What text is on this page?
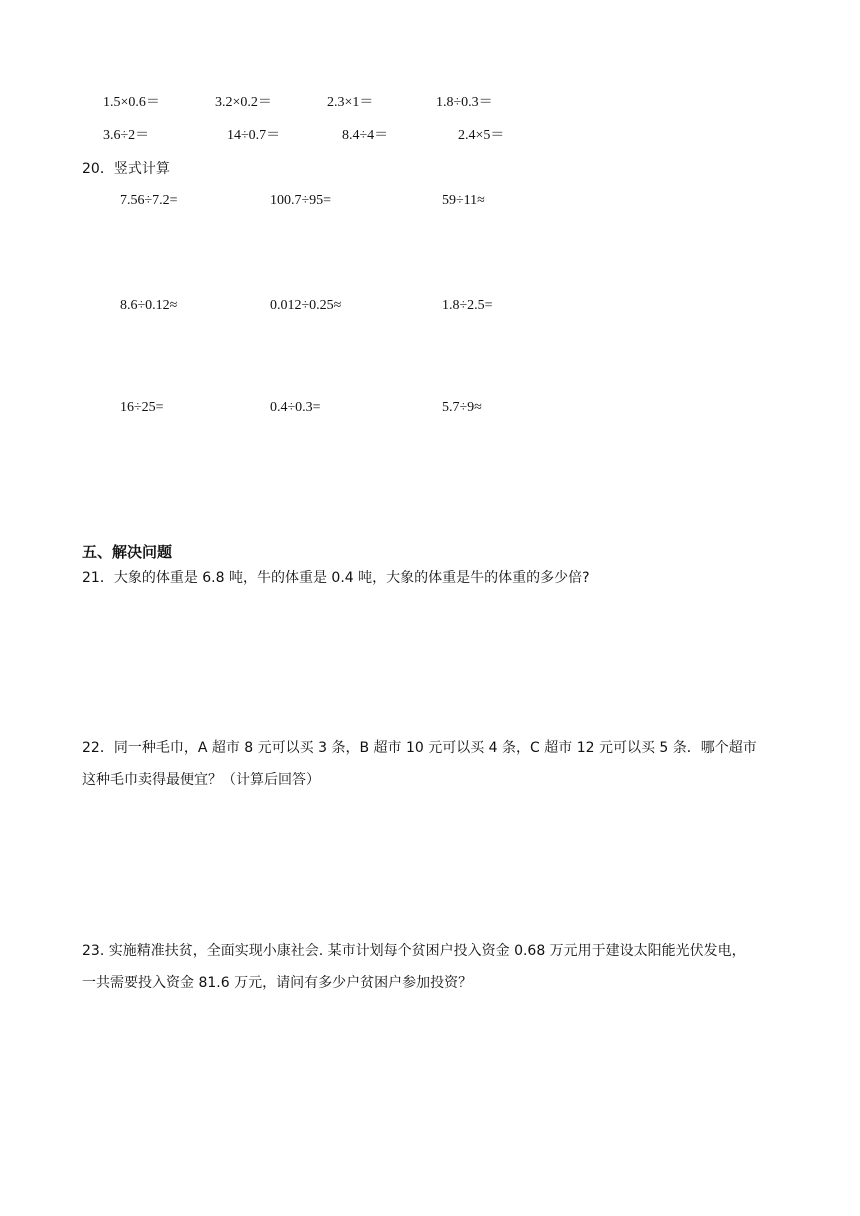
1.5×0.6＝	3.2×0.2＝	2.3×1＝	1.8÷0.3＝
3.6÷2＝	14÷0.7＝	8.4÷4＝	2.4×5＝
20．竖式计算
7.56÷7.2=	100.7÷95=	59÷11≈
8.6÷0.12≈	0.012÷0.25≈	1.8÷2.5=
16÷25=	0.4÷0.3=	5.7÷9≈
五、解决问题
21．大象的体重是 6.8 吨，牛的体重是 0.4 吨，大象的体重是牛的体重的多少倍?
22．同一种毛巾，A 超市 8 元可以买 3 条，B 超市 10 元可以买 4 条，C 超市 12 元可以买 5 条．哪个超市
这种毛巾卖得最便宜？（计算后回答）
23. 实施精准扶贫，全面实现小康社会. 某市计划每个贫困户投入资金 0.68 万元用于建设太阳能光伏发电，
一共需要投入资金 81.6 万元，请问有多少户贫困户参加投资？
